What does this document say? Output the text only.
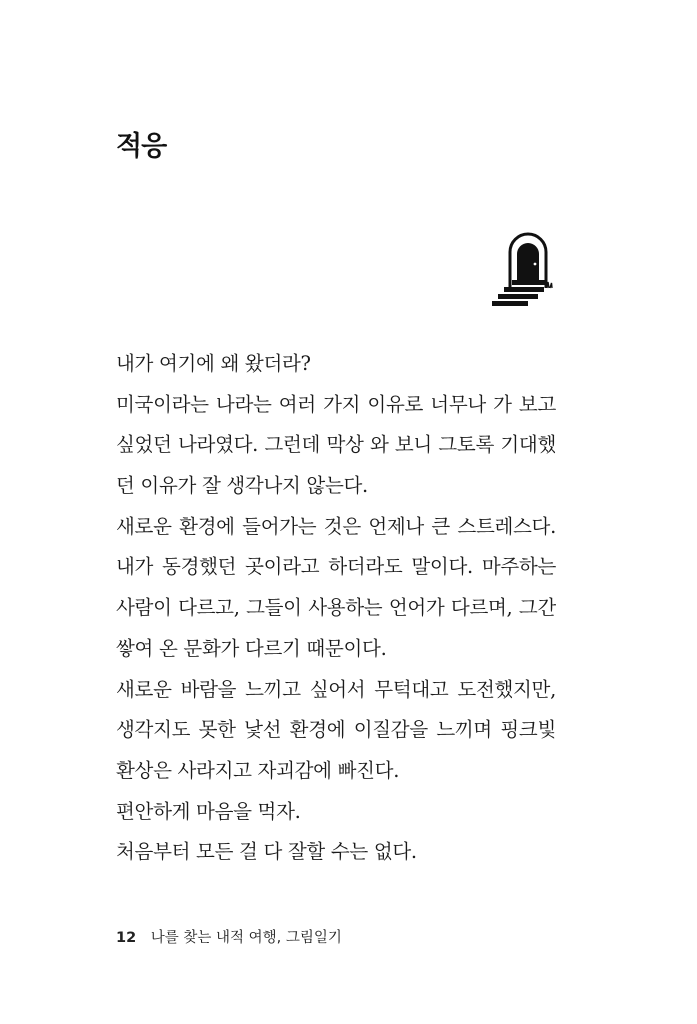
적응
내가 여기에 왜 왔더라?
미국이라는 나라는 여러 가지 이유로 너무나 가 보고
싶었던 나라였다. 그런데 막상 와 보니 그토록 기대했
던 이유가 잘 생각나지 않는다.
새로운 환경에 들어가는 것은 언제나 큰 스트레스다.
내가 동경했던 곳이라고 하더라도 말이다. 마주하는
사람이 다르고, 그들이 사용하는 언어가 다르며, 그간
쌓여 온 문화가 다르기 때문이다.
새로운 바람을 느끼고 싶어서 무턱대고 도전했지만,
생각지도 못한 낯선 환경에 이질감을 느끼며 핑크빛
환상은 사라지고 자괴감에 빠진다.
편안하게 마음을 먹자.
처음부터 모든 걸 다 잘할 수는 없다.
12 나를 찾는 내적 여행, 그림일기
